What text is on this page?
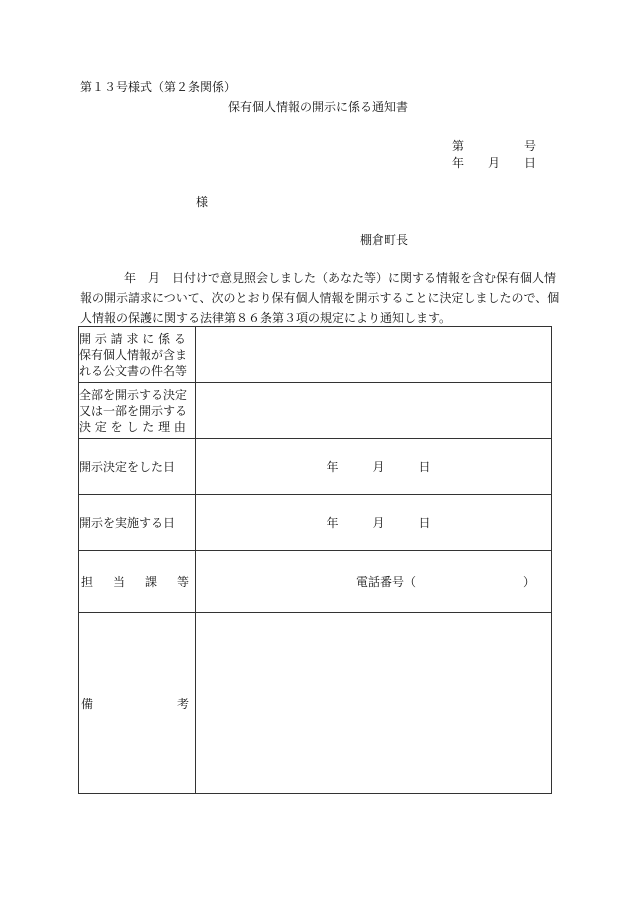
第１３号様式（第２条関係）
保有個人情報の開示に係る通知書
第	号
年 月 日
様
棚倉町長
年　月　日付けで意見照会しました（あなた等）に関する情報を含む保有個人情
報の開示請求について、次のとおり保有個人情報を開示することに決定しましたので、個
人情報の保護に関する法律第８６条第３項の規定により通知します。
開 示 請 求 に 係 る
保有個人情報が含ま
れる公文書の件名等	

全部を開示する決定
又は一部を開示する
決 定 を し た 理 由	

開示決定をした日	年 月 日

開示を実施する日	年 月 日

担 当 課 等	電話番号（ ）

備 考	
